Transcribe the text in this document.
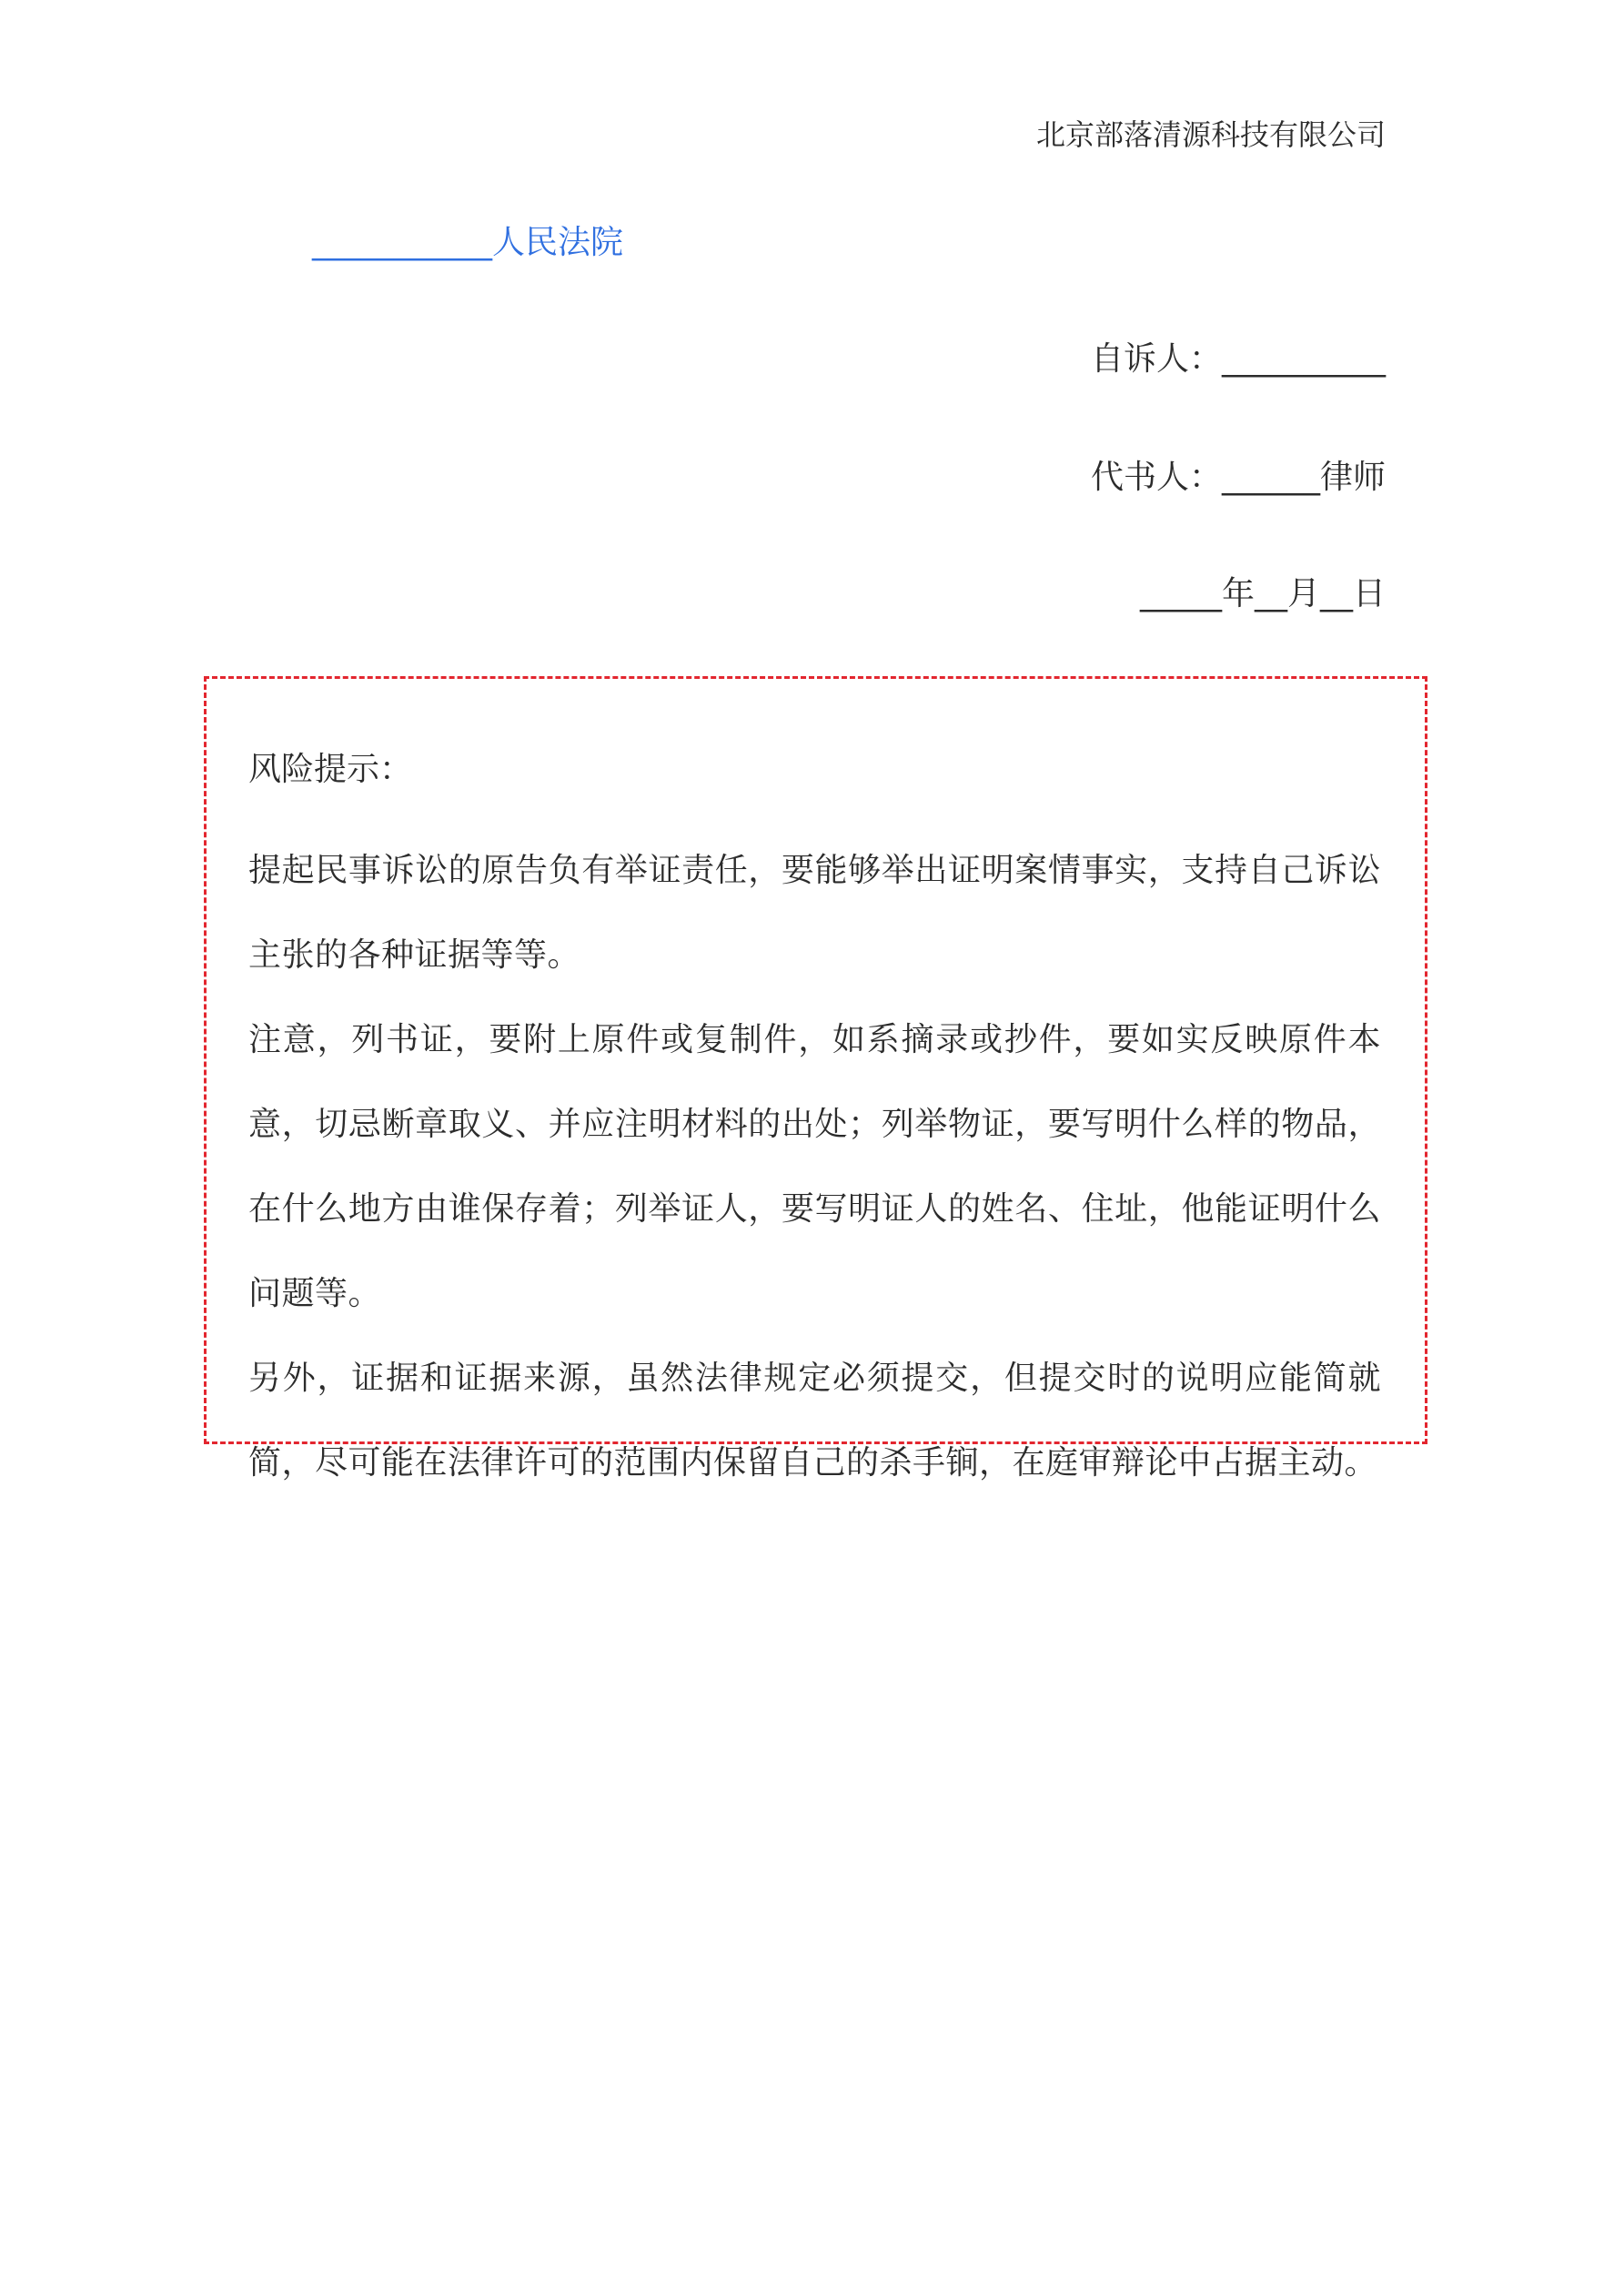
北京部落清源科技有限公司
___________人民法院
自诉人：__________
代书人：______律师
_____年__月__日

风险提示：

提起民事诉讼的原告负有举证责任，要能够举出证明案情事实，支持自己诉讼主张的各种证据等等。

注意，列书证，要附上原件或复制件，如系摘录或抄件，要如实反映原件本意，切忌断章取义、并应注明材料的出处；列举物证，要写明什么样的物品，在什么地方由谁保存着；列举证人，要写明证人的姓名、住址，他能证明什么问题等。

另外，证据和证据来源，虽然法律规定必须提交，但提交时的说明应能简就简，尽可能在法律许可的范围内保留自己的杀手锏，在庭审辩论中占据主动。
